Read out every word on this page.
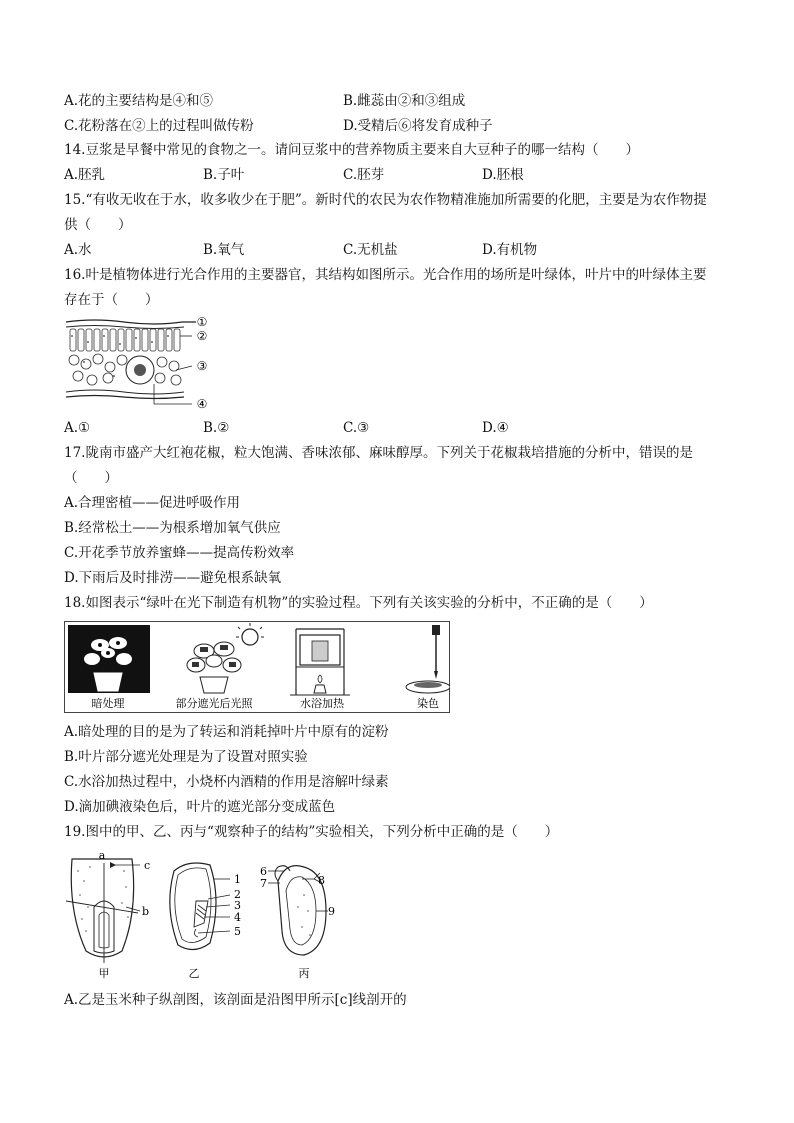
A.花的主要结构是④和⑤	B.雌蕊由②和③组成
C.花粉落在②上的过程叫做传粉	D.受精后⑥将发育成种子
14.豆浆是早餐中常见的食物之一。请问豆浆中的营养物质主要来自大豆种子的哪一结构（　　）
A.胚乳	B.子叶	C.胚芽	D.胚根
15.“有收无收在于水，收多收少在于肥”。新时代的农民为农作物精准施加所需要的化肥，主要是为农作物提
供（　　）
A.水	B.氧气	C.无机盐	D.有机物
16.叶是植物体进行光合作用的主要器官，其结构如图所示。光合作用的场所是叶绿体，叶片中的叶绿体主要
存在于（　　）
①
②
③
④
A.①	B.②	C.③	D.④
17.陇南市盛产大红袍花椒，粒大饱满、香味浓郁、麻味醇厚。下列关于花椒栽培措施的分析中，错误的是
（　　）
A.合理密植——促进呼吸作用
B.经常松土——为根系增加氧气供应
C.开花季节放养蜜蜂——提高传粉效率
D.下雨后及时排涝——避免根系缺氧
18.如图表示“绿叶在光下制造有机物”的实验过程。下列有关该实验的分析中，不正确的是（　　）
暗处理	部分遮光后光照	水浴加热	染色
A.暗处理的目的是为了转运和消耗掉叶片中原有的淀粉
B.叶片部分遮光处理是为了设置对照实验
C.水浴加热过程中，小烧杯内酒精的作用是溶解叶绿素
D.滴加碘液染色后，叶片的遮光部分变成蓝色
19.图中的甲、乙、丙与“观察种子的结构”实验相关，下列分析中正确的是（　　）
a
c
b
甲
1
2
3
4
5
乙
6
7	8
9
丙
A.乙是玉米种子纵剖图，该剖面是沿图甲所示[c]线剖开的
